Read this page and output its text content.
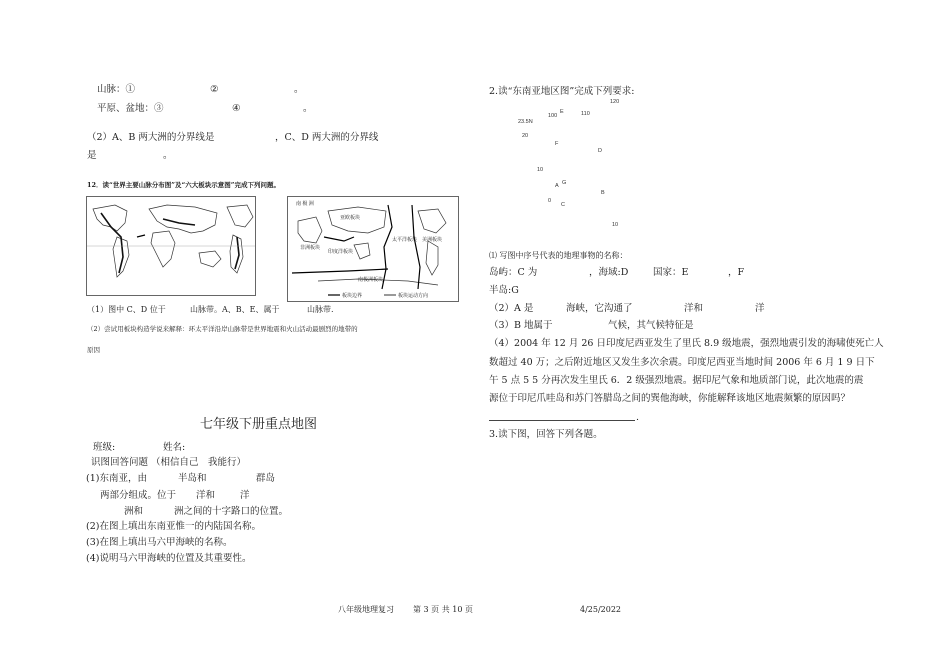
山脉：①	②	。
平原、盆地：③	④	。
（2）A、B 两大洲的分界线是	，C、D 两大洲的分界线
是	。
12．读“世界主要山脉分布图”及“六大板块示意图”完成下列问题。
南 极 洲
亚欧板块
印度洋板块
太平洋板块 美洲板块
非洲板块
南极洲板块
板块边界	板块运动方向
（1）图中 C、D 位于	山脉带。A、B、E、属于	山脉带.
（2）尝试用板块构造学说来解释：环太平洋沿岸山脉带是世界地震和火山活动最剧烈的地带的
原因
七年级下册重点地图
班级:	姓名:
识图回答问题 （相信自己　我能行）
(1)东南亚，由	半岛和	群岛
两部分组成。位于 洋和	洋
洲和	洲之间的十字路口的位置。
(2)在图上填出东南亚惟一的内陆国名称。
(3)在图上填出马六甲海峡的名称。
(4)说明马六甲海峡的位置及其重要性。
2.读“东南亚地区图”完成下列要求:
120
E	110
100
23.5N
20
F
D
10
A G
B
0
C
10
⑴ 写图中序号代表的地理事物的名称：
岛屿：C 为	，海域:D	国家：E	，F
半岛:G
（2）A 是	海峡，它沟通了	洋和	洋
（3）B 地属于	气候，其气候特征是
（4）2004 年 12 月 26 日印度尼西亚发生了里氏 8.9 级地震，强烈地震引发的海啸使死亡人
数超过 40 万；之后附近地区又发生多次余震。印度尼西亚当地时间 2006 年 6 月 1 9 日下
午 5 点 5 5 分再次发生里氏 6．2 级强烈地震。据印尼气象和地质部门说，此次地震的震
源位于印尼爪哇岛和苏门答腊岛之间的巽他海峡，你能解释该地区地震频繁的原因吗？
.
3.读下图，回答下列各题。
八年级地理复习 第 3 页 共 10 页	4/25/2022
